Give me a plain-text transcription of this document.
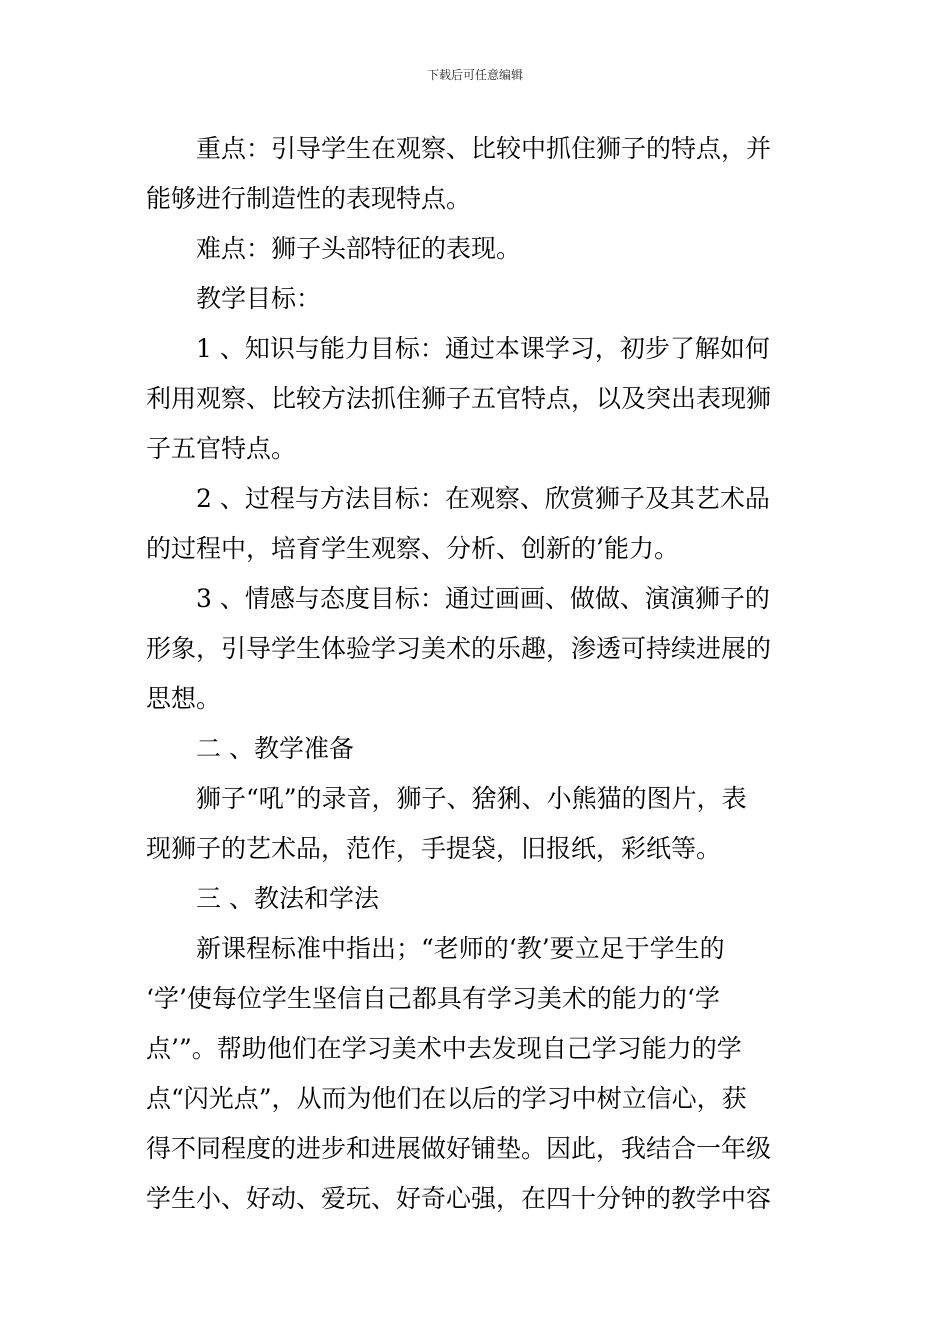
下载后可任意编辑
重点：引导学生在观察、比较中抓住狮子的特点，并
能够进行制造性的表现特点。
难点：狮子头部特征的表现。
教学目标：
1 、知识与能力目标：通过本课学习，初步了解如何
利用观察、比较方法抓住狮子五官特点，以及突出表现狮
子五官特点。
2 、过程与方法目标：在观察、欣赏狮子及其艺术品
的过程中，培育学生观察、分析、创新的’能力。
3 、情感与态度目标：通过画画、做做、演演狮子的
形象，引导学生体验学习美术的乐趣，渗透可持续进展的
思想。
二 、教学准备
狮子“吼”的录音，狮子、猞猁、小熊猫的图片，表
现狮子的艺术品，范作，手提袋，旧报纸，彩纸等。
三 、教法和学法
新课程标准中指出；“老师的‘教’要立足于学生的
‘学’使每位学生坚信自己都具有学习美术的能力的‘学
点’”。帮助他们在学习美术中去发现自己学习能力的学
点“闪光点”，从而为他们在以后的学习中树立信心，获
得不同程度的进步和进展做好铺垫。因此，我结合一年级
学生小、好动、爱玩、好奇心强，在四十分钟的教学中容
